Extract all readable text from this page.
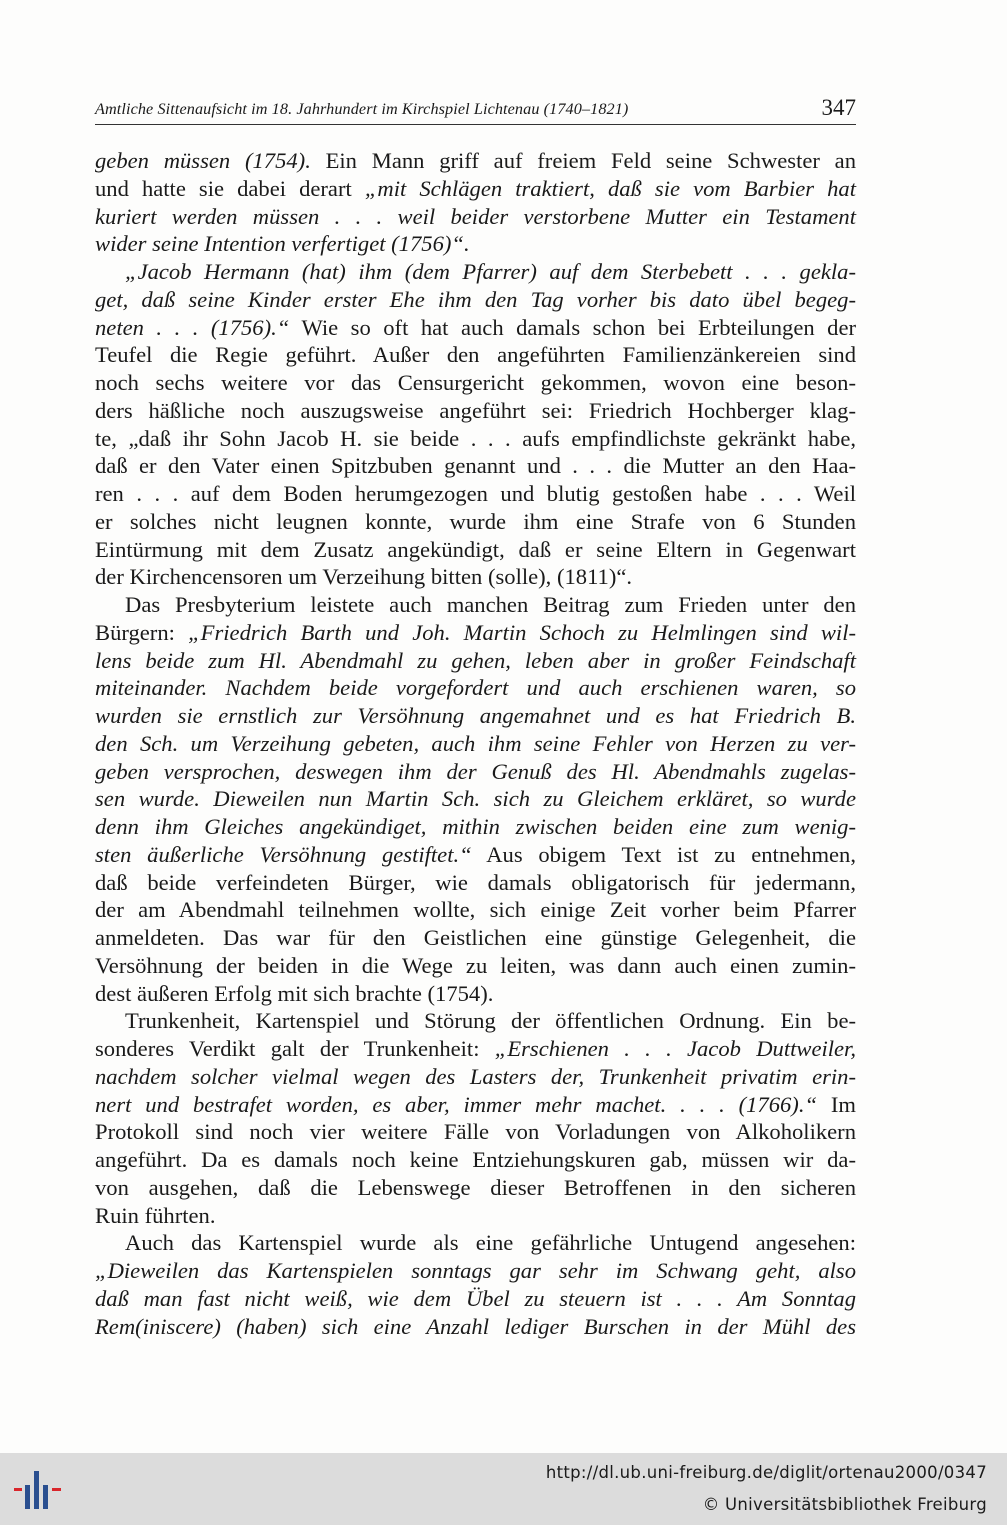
Amtliche Sittenaufsicht im 18. Jahrhundert im Kirchspiel Lichtenau (1740–1821)	347
geben müssen (1754). Ein Mann griff auf freiem Feld seine Schwester an
und hatte sie dabei derart „mit Schlägen traktiert, daß sie vom Barbier hat
kuriert werden müssen . . . weil beider verstorbene Mutter ein Testament
wider seine Intention verfertiget (1756)“.
„Jacob Hermann (hat) ihm (dem Pfarrer) auf dem Sterbebett . . . gekla-
get, daß seine Kinder erster Ehe ihm den Tag vorher bis dato übel begeg-
neten . . . (1756).“ Wie so oft hat auch damals schon bei Erbteilungen der
Teufel die Regie geführt. Außer den angeführten Familienzänkereien sind
noch sechs weitere vor das Censurgericht gekommen, wovon eine beson-
ders häßliche noch auszugsweise angeführt sei: Friedrich Hochberger klag-
te, „daß ihr Sohn Jacob H. sie beide . . . aufs empfindlichste gekränkt habe,
daß er den Vater einen Spitzbuben genannt und . . . die Mutter an den Haa-
ren . . . auf dem Boden herumgezogen und blutig gestoßen habe . . . Weil
er solches nicht leugnen konnte, wurde ihm eine Strafe von 6 Stunden
Eintürmung mit dem Zusatz angekündigt, daß er seine Eltern in Gegenwart
der Kirchencensoren um Verzeihung bitten (solle), (1811)“.
Das Presbyterium leistete auch manchen Beitrag zum Frieden unter den
Bürgern: „Friedrich Barth und Joh. Martin Schoch zu Helmlingen sind wil-
lens beide zum Hl. Abendmahl zu gehen, leben aber in großer Feindschaft
miteinander. Nachdem beide vorgefordert und auch erschienen waren, so
wurden sie ernstlich zur Versöhnung angemahnet und es hat Friedrich B.
den Sch. um Verzeihung gebeten, auch ihm seine Fehler von Herzen zu ver-
geben versprochen, deswegen ihm der Genuß des Hl. Abendmahls zugelas-
sen wurde. Dieweilen nun Martin Sch. sich zu Gleichem erkläret, so wurde
denn ihm Gleiches angekündiget, mithin zwischen beiden eine zum wenig-
sten äußerliche Versöhnung gestiftet.“ Aus obigem Text ist zu entnehmen,
daß beide verfeindeten Bürger, wie damals obligatorisch für jedermann,
der am Abendmahl teilnehmen wollte, sich einige Zeit vorher beim Pfarrer
anmeldeten. Das war für den Geistlichen eine günstige Gelegenheit, die
Versöhnung der beiden in die Wege zu leiten, was dann auch einen zumin-
dest äußeren Erfolg mit sich brachte (1754).
Trunkenheit, Kartenspiel und Störung der öffentlichen Ordnung. Ein be-
sonderes Verdikt galt der Trunkenheit: „Erschienen . . . Jacob Duttweiler,
nachdem solcher vielmal wegen des Lasters der, Trunkenheit privatim erin-
nert und bestrafet worden, es aber, immer mehr machet. . . . (1766).“ Im
Protokoll sind noch vier weitere Fälle von Vorladungen von Alkoholikern
angeführt. Da es damals noch keine Entziehungskuren gab, müssen wir da-
von ausgehen, daß die Lebenswege dieser Betroffenen in den sicheren
Ruin führten.
Auch das Kartenspiel wurde als eine gefährliche Untugend angesehen:
„Dieweilen das Kartenspielen sonntags gar sehr im Schwang geht, also
daß man fast nicht weiß, wie dem Übel zu steuern ist . . . Am Sonntag
Rem(iniscere) (haben) sich eine Anzahl lediger Burschen in der Mühl des
http://dl.ub.uni-freiburg.de/diglit/ortenau2000/0347
© Universitätsbibliothek Freiburg
